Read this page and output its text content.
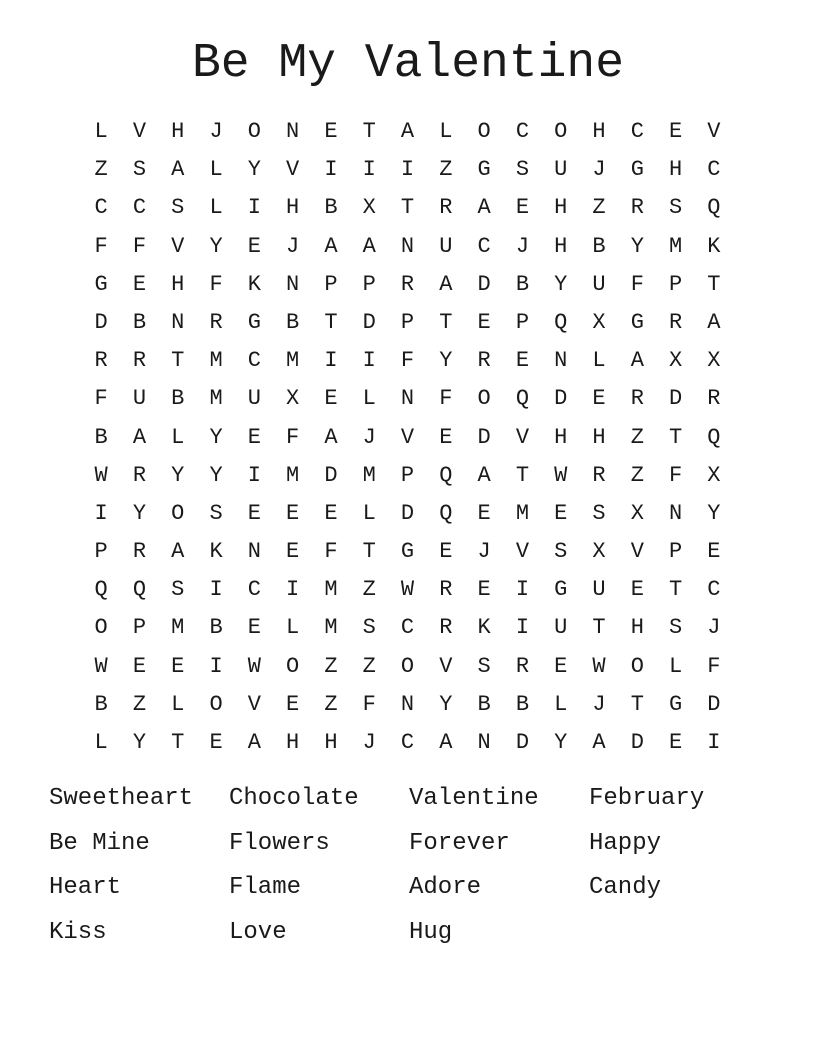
Be My Valentine
L	V	H	J	O	N	E	T	A	L	O	C	O	H	C	E	V
Z	S	A	L	Y	V	I	I	I	Z	G	S	U	J	G	H	C
C	C	S	L	I	H	B	X	T	R	A	E	H	Z	R	S	Q
F	F	V	Y	E	J	A	A	N	U	C	J	H	B	Y	M	K
G	E	H	F	K	N	P	P	R	A	D	B	Y	U	F	P	T
D	B	N	R	G	B	T	D	P	T	E	P	Q	X	G	R	A
R	R	T	M	C	M	I	I	F	Y	R	E	N	L	A	X	X
F	U	B	M	U	X	E	L	N	F	O	Q	D	E	R	D	R
B	A	L	Y	E	F	A	J	V	E	D	V	H	H	Z	T	Q
W	R	Y	Y	I	M	D	M	P	Q	A	T	W	R	Z	F	X
I	Y	O	S	E	E	E	L	D	Q	E	M	E	S	X	N	Y
P	R	A	K	N	E	F	T	G	E	J	V	S	X	V	P	E
Q	Q	S	I	C	I	M	Z	W	R	E	I	G	U	E	T	C
O	P	M	B	E	L	M	S	C	R	K	I	U	T	H	S	J
W	E	E	I	W	O	Z	Z	O	V	S	R	E	W	O	L	F
B	Z	L	O	V	E	Z	F	N	Y	B	B	L	J	T	G	D
L	Y	T	E	A	H	H	J	C	A	N	D	Y	A	D	E	I
Sweetheart	Chocolate	Valentine	February
Be Mine	Flowers	Forever	Happy
Heart	Flame	Adore	Candy
Kiss	Love	Hug
